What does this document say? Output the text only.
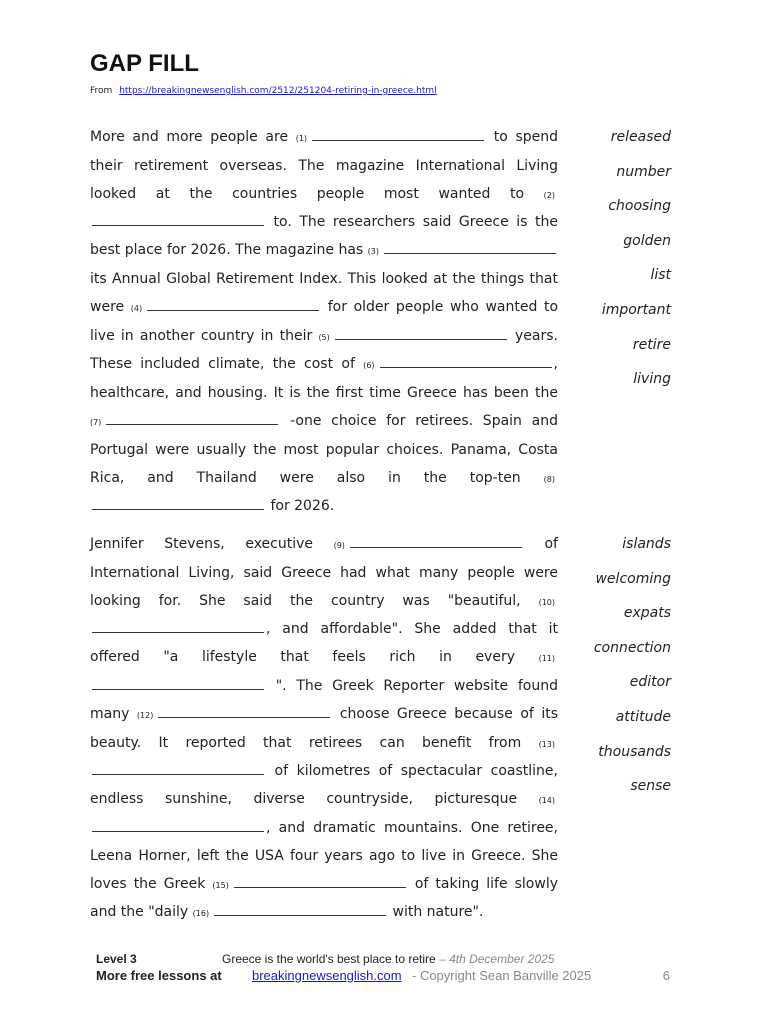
GAP FILL
From https://breakingnewsenglish.com/2512/251204-retiring-in-greece.html

More and more people are (1)	to spend their retirement overseas. The magazine International Living looked at the countries people most wanted to (2) to. The researchers said Greece is the best place for 2026. The magazine has (3) its Annual Global Retirement Index. This looked at the things that were (4)	for older people who wanted to live in another country in their (5)	years. These included climate, the cost of (6)	, healthcare, and housing. It is the first time Greece has been the (7)	-one choice for retirees. Spain and Portugal were usually the most popular choices. Panama, Costa Rica, and Thailand were also in the top-ten (8) for 2026.

released
number
choosing
golden
list
important
retire
living

Jennifer Stevens, executive (9)	of International Living, said Greece had what many people were looking for. She said the country was "beautiful, (10), and affordable". She added that it offered "a lifestyle that feels rich in every (11) ". The Greek Reporter website found many (12)	choose Greece because of its beauty. It reported that retirees can benefit from (13) of kilometres of spectacular coastline, endless sunshine, diverse countryside, picturesque (14), and dramatic mountains. One retiree, Leena Horner, left the USA four years ago to live in Greece. She loves the Greek (15)	of taking life slowly and the "daily (16)	with nature".

islands
welcoming
expats
connection
editor
attitude
thousands
sense
Level 3	Greece is the world's best place to retire – 4th December 2025
More free lessons at breakingnewsenglish.com - Copyright Sean Banville 2025	6
